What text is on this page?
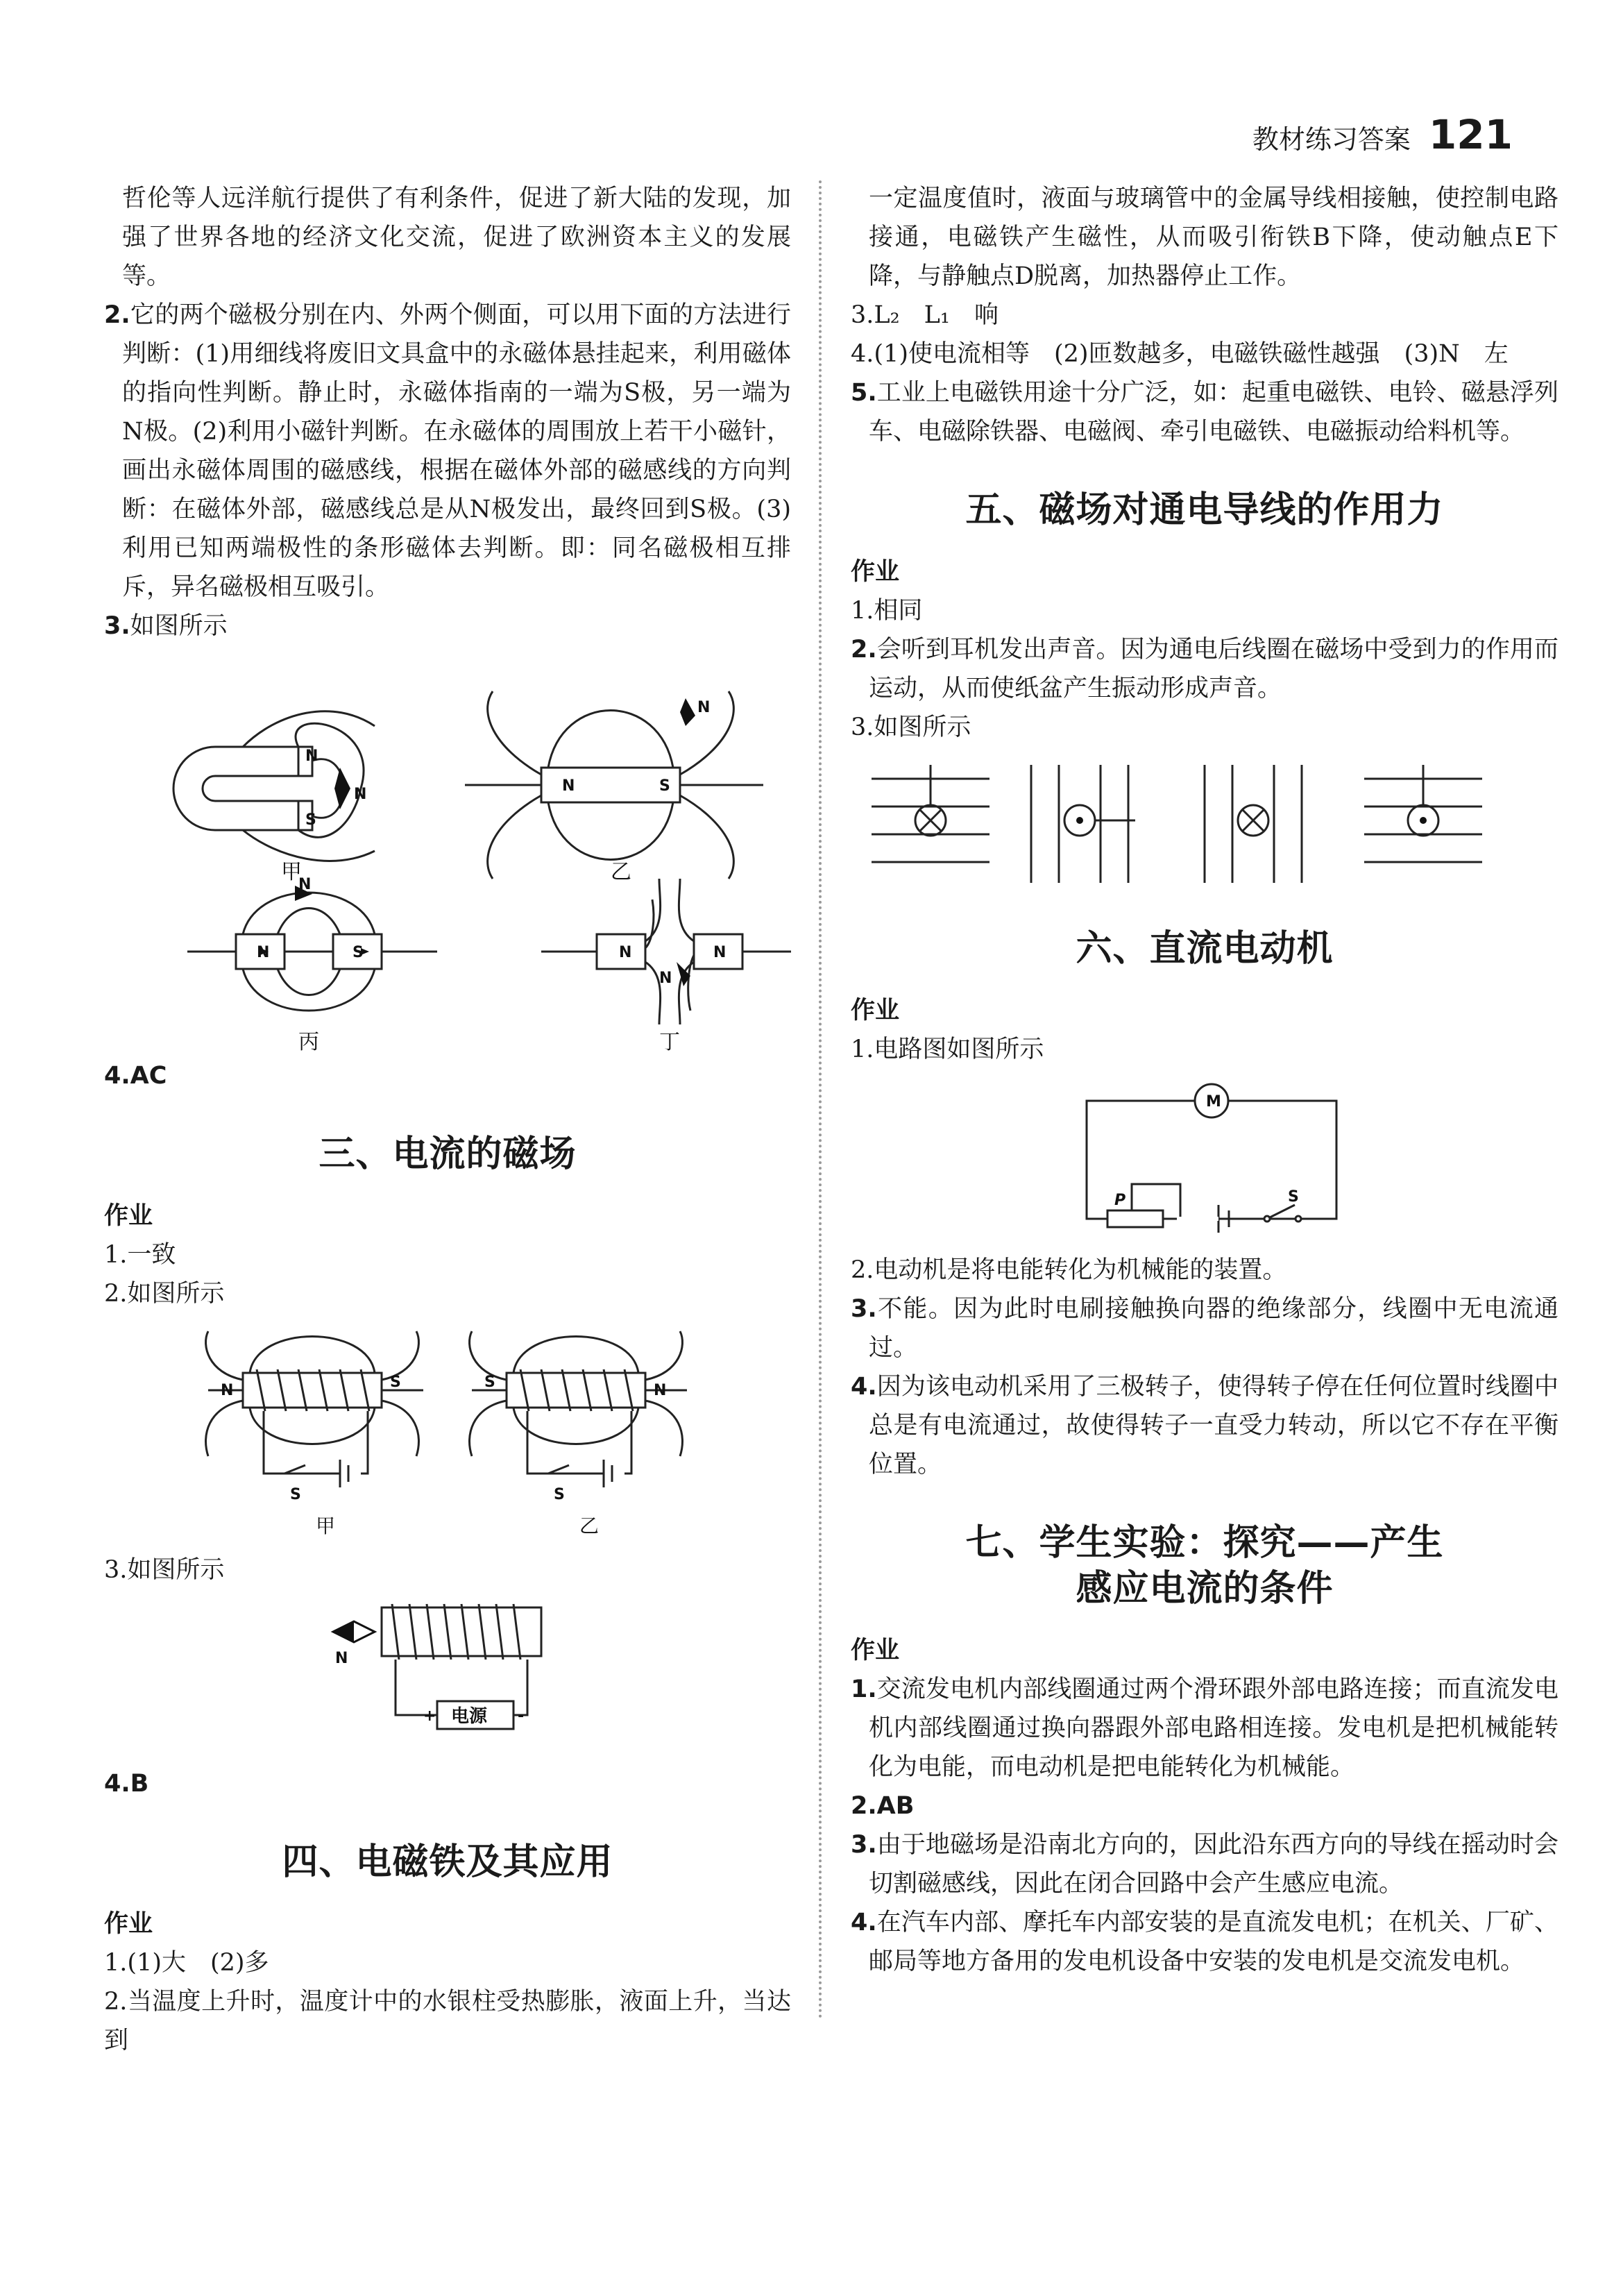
教材练习答案 121

哲伦等人远洋航行提供了有利条件，促进了新大陆的发现，加强了世界各地的经济文化交流，促进了欧洲资本主义的发展等。

2.它的两个磁极分别在内、外两个侧面，可以用下面的方法进行判断：(1)用细线将废旧文具盒中的永磁体悬挂起来，利用磁体的指向性判断。静止时，永磁体指南的一端为S极，另一端为N极。(2)利用小磁针判断。在永磁体的周围放上若干小磁针，画出永磁体周围的磁感线，根据在磁体外部的磁感线的方向判断：在磁体外部，磁感线总是从N极发出，最终回到S极。(3)利用已知两端极性的条形磁体去判断。即：同名磁极相互排斥，异名磁极相互吸引。

3.如图所示

N
S
N	N	S
N
N	S
N
N	N
N
甲	乙
丙	丁

4.AC

三、电流的磁场

作业

1.一致

2.如图所示

N	S	S	N
S	S
甲	乙

3.如图所示

N
+	-
电源

4.B

四、电磁铁及其应用

作业

1.(1)大　(2)多

2.当温度上升时，温度计中的水银柱受热膨胀，液面上升，当达到

一定温度值时，液面与玻璃管中的金属导线相接触，使控制电路接通，电磁铁产生磁性，从而吸引衔铁B下降，使动触点E下降，与静触点D脱离，加热器停止工作。

3.L₂　L₁　响

4.(1)使电流相等　(2)匝数越多，电磁铁磁性越强　(3)N　左

5.工业上电磁铁用途十分广泛，如：起重电磁铁、电铃、磁悬浮列车、电磁除铁器、电磁阀、牵引电磁铁、电磁振动给料机等。

五、磁场对通电导线的作用力

作业

1.相同

2.会听到耳机发出声音。因为通电后线圈在磁场中受到力的作用而运动，从而使纸盆产生振动形成声音。

3.如图所示

六、直流电动机

作业

1.电路图如图所示

M
P	S

2.电动机是将电能转化为机械能的装置。

3.不能。因为此时电刷接触换向器的绝缘部分，线圈中无电流通过。

4.因为该电动机采用了三极转子，使得转子停在任何位置时线圈中总是有电流通过，故使得转子一直受力转动，所以它不存在平衡位置。

七、学生实验：探究——产生
感应电流的条件

作业

1.交流发电机内部线圈通过两个滑环跟外部电路连接；而直流发电机内部线圈通过换向器跟外部电路相连接。发电机是把机械能转化为电能，而电动机是把电能转化为机械能。

2.AB

3.由于地磁场是沿南北方向的，因此沿东西方向的导线在摇动时会切割磁感线，因此在闭合回路中会产生感应电流。

4.在汽车内部、摩托车内部安装的是直流发电机；在机关、厂矿、邮局等地方备用的发电机设备中安装的发电机是交流发电机。
